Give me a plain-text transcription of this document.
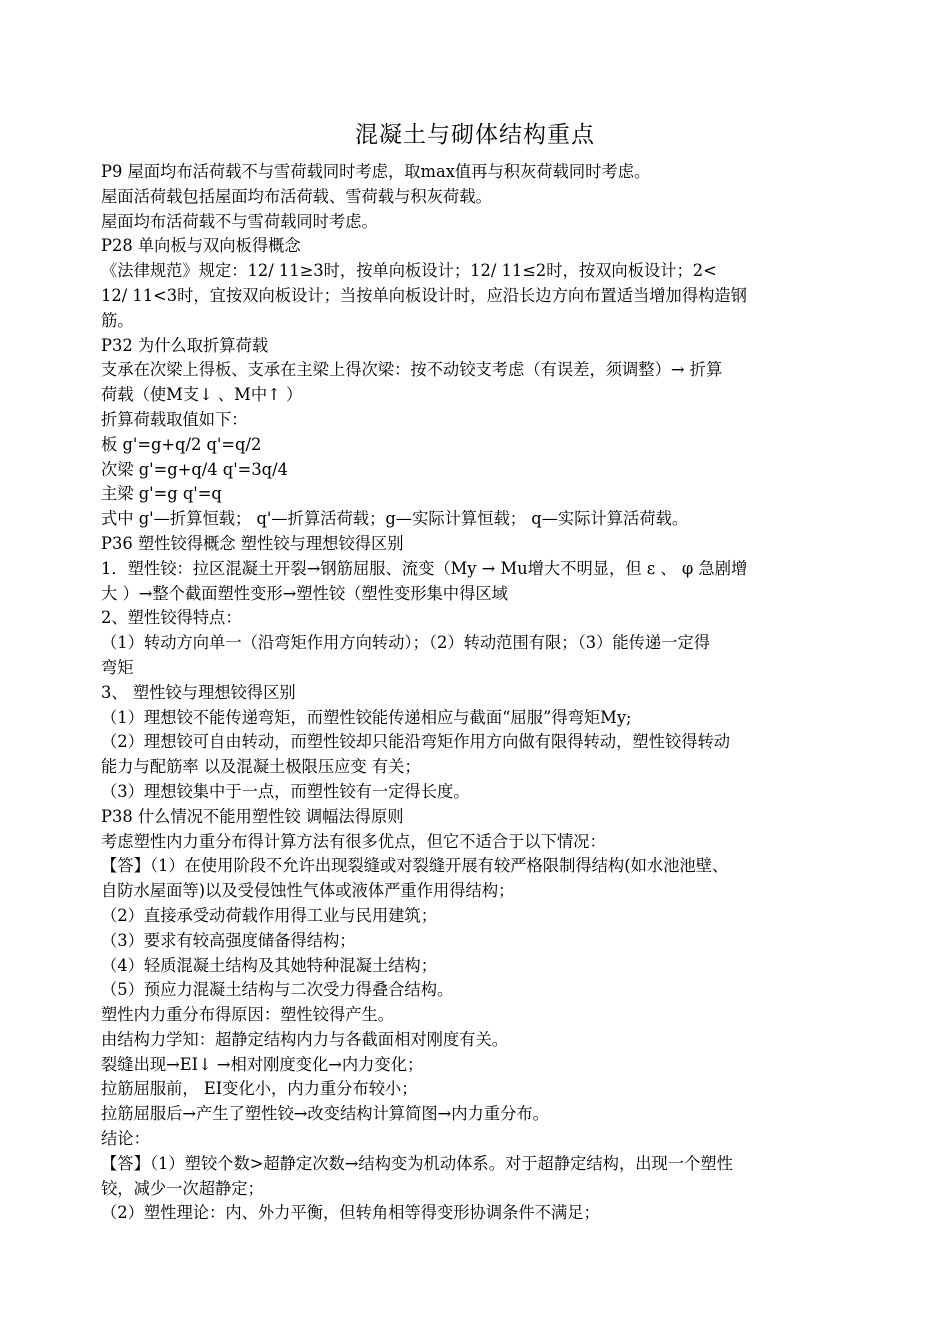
混凝土与砌体结构重点
P9 屋面均布活荷载不与雪荷载同时考虑，取max值再与积灰荷载同时考虑。
屋面活荷载包括屋面均布活荷载、雪荷载与积灰荷载。
屋面均布活荷载不与雪荷载同时考虑。
P28 单向板与双向板得概念
《法律规范》规定：12/ 11≥3时，按单向板设计；12/ 11≤2时，按双向板设计；2<
12/ 11<3时，宜按双向板设计；当按单向板设计时，应沿长边方向布置适当增加得构造钢
筋。
P32 为什么取折算荷载
支承在次梁上得板、支承在主梁上得次梁：按不动铰支考虑（有误差，须调整）→ 折算
荷载（使M支↓ 、M中↑ ）
折算荷载取值如下：
板 g'=g+q/2 q'=q/2
次梁 g'=g+q/4 q'=3q/4
主梁 g'=g q'=q
式中 g'—折算恒载； q'—折算活荷载；g—实际计算恒载； q—实际计算活荷载。
P36 塑性铰得概念 塑性铰与理想铰得区别
1．塑性铰：拉区混凝土开裂→钢筋屈服、流变（My → Mu增大不明显，但 ε 、 φ 急剧增
大 ）→整个截面塑性变形→塑性铰（塑性变形集中得区域
2、塑性铰得特点：
（1）转动方向单一（沿弯矩作用方向转动）；（2）转动范围有限；（3）能传递一定得
弯矩
3、 塑性铰与理想铰得区别
（1）理想铰不能传递弯矩，而塑性铰能传递相应与截面“屈服”得弯矩My;
（2）理想铰可自由转动，而塑性铰却只能沿弯矩作用方向做有限得转动，塑性铰得转动
能力与配筋率 以及混凝土极限压应变 有关；
（3）理想铰集中于一点，而塑性铰有一定得长度。
P38 什么情况不能用塑性铰 调幅法得原则
考虑塑性内力重分布得计算方法有很多优点，但它不适合于以下情况：
【答】（1）在使用阶段不允许出现裂缝或对裂缝开展有较严格限制得结构(如水池池壁、
自防水屋面等)以及受侵蚀性气体或液体严重作用得结构；
（2）直接承受动荷载作用得工业与民用建筑；
（3）要求有较高强度储备得结构；
（4）轻质混凝土结构及其她特种混凝土结构；
（5）预应力混凝土结构与二次受力得叠合结构。
塑性内力重分布得原因：塑性铰得产生。
由结构力学知：超静定结构内力与各截面相对刚度有关。
裂缝出现→EI↓ →相对刚度变化→内力变化；
拉筋屈服前， EI变化小，内力重分布较小；
拉筋屈服后→产生了塑性铰→改变结构计算简图→内力重分布。
结论：
【答】（1）塑铰个数>超静定次数→结构变为机动体系。对于超静定结构，出现一个塑性
铰，减少一次超静定；
（2）塑性理论：内、外力平衡，但转角相等得变形协调条件不满足；
